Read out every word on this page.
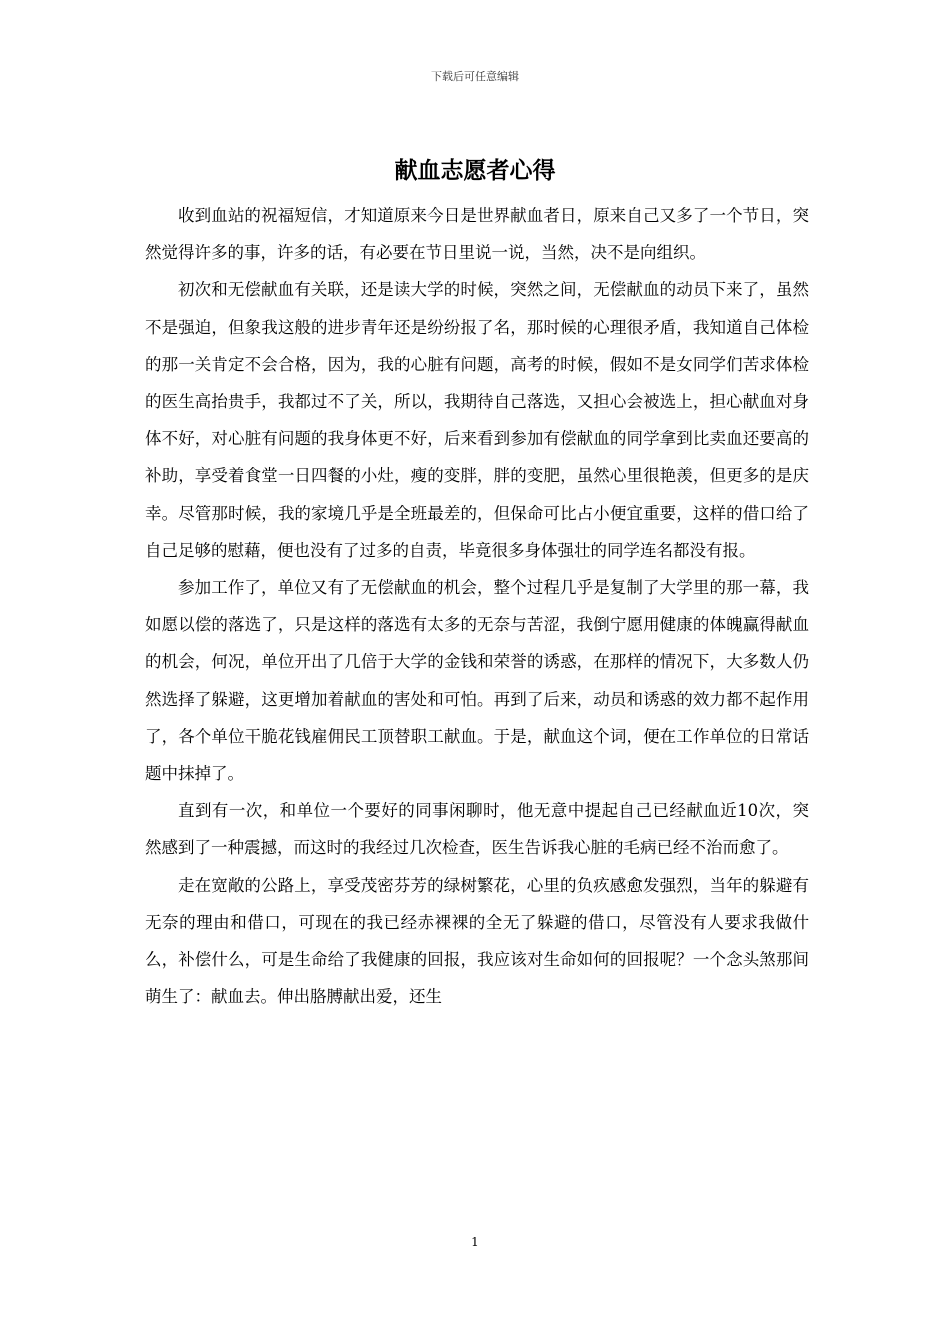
下载后可任意编辑
献血志愿者心得

收到血站的祝福短信，才知道原来今日是世界献血者日，原来自己又多了一个节日，突然觉得许多的事，许多的话，有必要在节日里说一说，当然，决不是向组织。

初次和无偿献血有关联，还是读大学的时候，突然之间，无偿献血的动员下来了，虽然不是强迫，但象我这般的进步青年还是纷纷报了名，那时候的心理很矛盾，我知道自己体检的那一关肯定不会合格，因为，我的心脏有问题，高考的时候，假如不是女同学们苦求体检的医生高抬贵手，我都过不了关，所以，我期待自己落选，又担心会被选上，担心献血对身体不好，对心脏有问题的我身体更不好，后来看到参加有偿献血的同学拿到比卖血还要高的补助，享受着食堂一日四餐的小灶，瘦的变胖，胖的变肥，虽然心里很艳羡，但更多的是庆幸。尽管那时候，我的家境几乎是全班最差的，但保命可比占小便宜重要，这样的借口给了自己足够的慰藉，便也没有了过多的自责，毕竟很多身体强壮的同学连名都没有报。

参加工作了，单位又有了无偿献血的机会，整个过程几乎是复制了大学里的那一幕，我如愿以偿的落选了，只是这样的落选有太多的无奈与苦涩，我倒宁愿用健康的体魄赢得献血的机会，何况，单位开出了几倍于大学的金钱和荣誉的诱惑，在那样的情况下，大多数人仍然选择了躲避，这更增加着献血的害处和可怕。再到了后来，动员和诱惑的效力都不起作用了，各个单位干脆花钱雇佣民工顶替职工献血。于是，献血这个词，便在工作单位的日常话题中抹掉了。

直到有一次，和单位一个要好的同事闲聊时，他无意中提起自己已经献血近10次，突然感到了一种震撼，而这时的我经过几次检查，医生告诉我心脏的毛病已经不治而愈了。

走在宽敞的公路上，享受茂密芬芳的绿树繁花，心里的负疚感愈发强烈，当年的躲避有无奈的理由和借口，可现在的我已经赤裸裸的全无了躲避的借口，尽管没有人要求我做什么，补偿什么，可是生命给了我健康的回报，我应该对生命如何的回报呢？一个念头煞那间萌生了：献血去。伸出胳膊献出爱，还生

1
